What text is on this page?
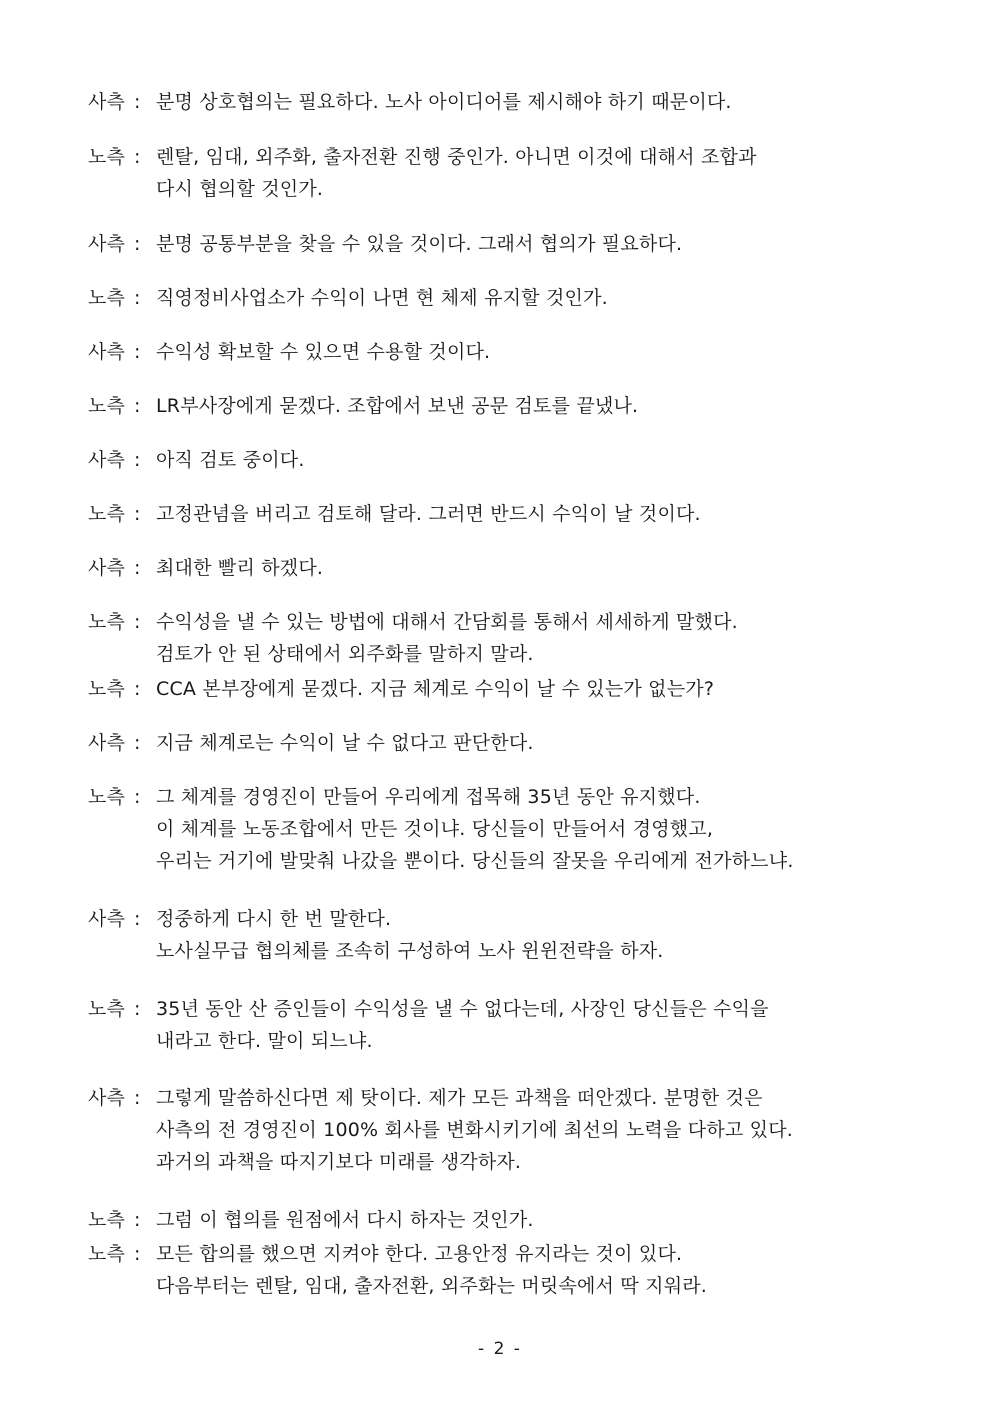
사측 : 분명 상호협의는 필요하다. 노사 아이디어를 제시해야 하기 때문이다.
노측 : 렌탈, 임대, 외주화, 출자전환 진행 중인가. 아니면 이것에 대해서 조합과
다시 협의할 것인가.
사측 : 분명 공통부분을 찾을 수 있을 것이다. 그래서 협의가 필요하다.
노측 : 직영정비사업소가 수익이 나면 현 체제 유지할 것인가.
사측 : 수익성 확보할 수 있으면 수용할 것이다.
노측 : LR부사장에게 묻겠다. 조합에서 보낸 공문 검토를 끝냈나.
사측 : 아직 검토 중이다.
노측 : 고정관념을 버리고 검토해 달라. 그러면 반드시 수익이 날 것이다.
사측 : 최대한 빨리 하겠다.
노측 : 수익성을 낼 수 있는 방법에 대해서 간담회를 통해서 세세하게 말했다.
검토가 안 된 상태에서 외주화를 말하지 말라.
노측 : CCA 본부장에게 묻겠다. 지금 체계로 수익이 날 수 있는가 없는가?
사측 : 지금 체계로는 수익이 날 수 없다고 판단한다.
노측 : 그 체계를 경영진이 만들어 우리에게 접목해 35년 동안 유지했다.
이 체계를 노동조합에서 만든 것이냐. 당신들이 만들어서 경영했고,
우리는 거기에 발맞춰 나갔을 뿐이다. 당신들의 잘못을 우리에게 전가하느냐.
사측 : 정중하게 다시 한 번 말한다.
노사실무급 협의체를 조속히 구성하여 노사 윈윈전략을 하자.
노측 : 35년 동안 산 증인들이 수익성을 낼 수 없다는데, 사장인 당신들은 수익을
내라고 한다. 말이 되느냐.
사측 : 그렇게 말씀하신다면 제 탓이다. 제가 모든 과책을 떠안겠다. 분명한 것은
사측의 전 경영진이 100% 회사를 변화시키기에 최선의 노력을 다하고 있다.
과거의 과책을 따지기보다 미래를 생각하자.
노측 : 그럼 이 협의를 원점에서 다시 하자는 것인가.
노측 : 모든 합의를 했으면 지켜야 한다. 고용안정 유지라는 것이 있다.
다음부터는 렌탈, 임대, 출자전환, 외주화는 머릿속에서 딱 지워라.
- 2 -
